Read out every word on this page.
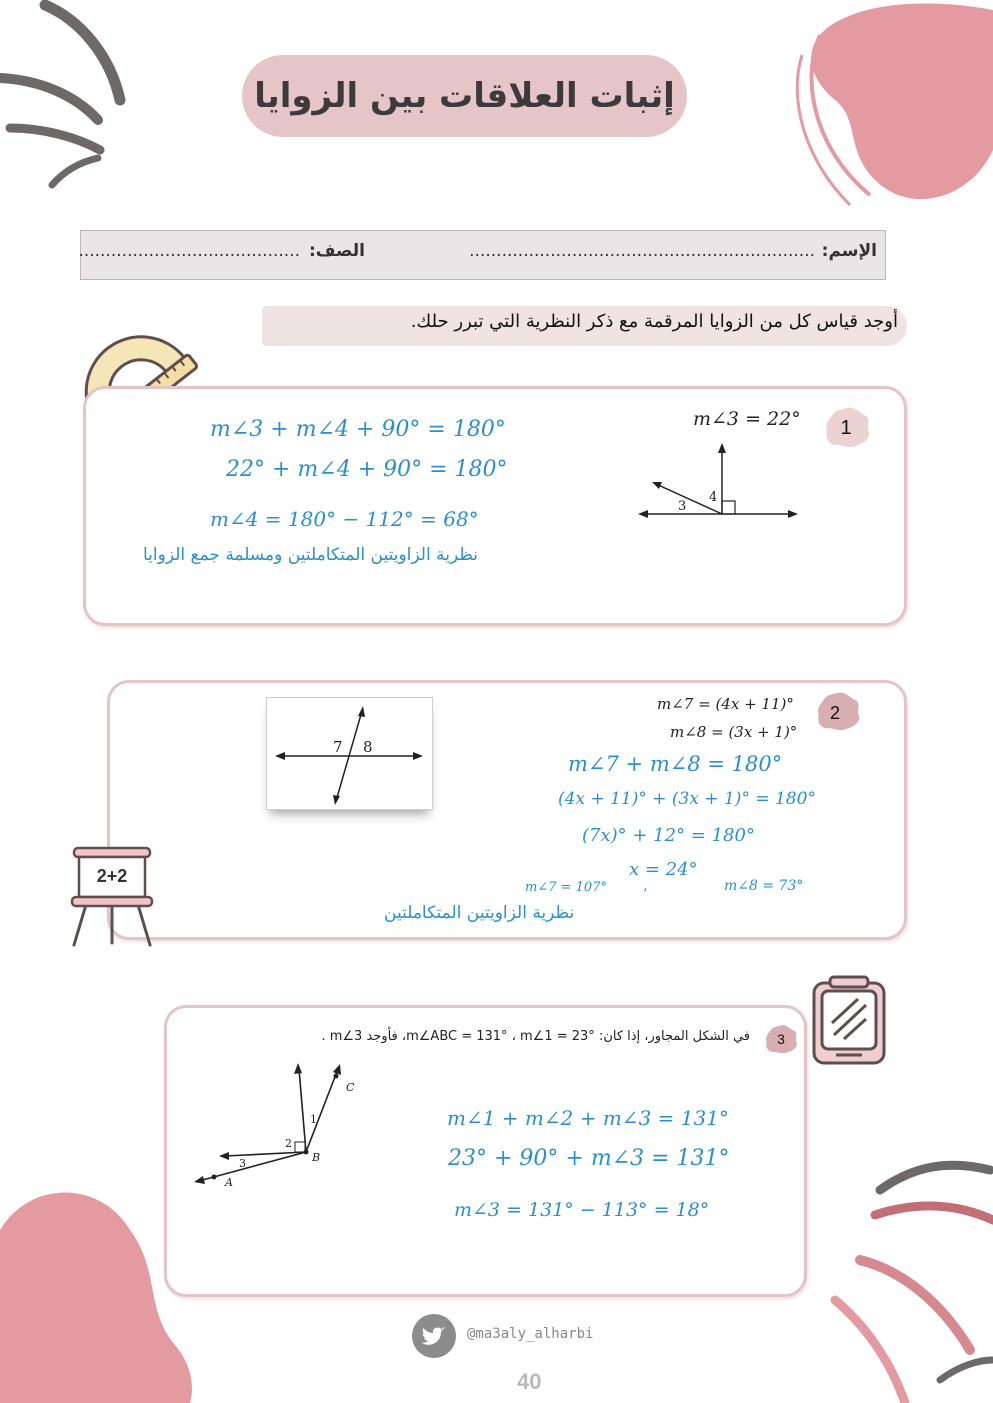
إثبات العلاقات بين الزوايا
الإسم:
................................................................
الصف:
.........................................
أوجد قياس كل من الزوايا المرقمة مع ذكر النظرية التي تبرر حلك.
1
m∠3 = 22°
3
4
m∠3 + m∠4 + 90° = 180°
22° + m∠4 + 90° = 180°
m∠4 = 180° − 112° = 68°
نظرية الزاويتين المتكاملتين ومسلمة جمع الزوايا
2
m∠7 = (4x + 11)°
m∠8 = (3x + 1)°
7 8
m∠7 + m∠8 = 180°
(4x + 11)° + (3x + 1)° = 180°
(7x)° + 12° = 180°
x = 24°
m∠7 = 107°	،	m∠8 = 73°
نظرية الزاويتين المتكاملتين
2+2
3
في الشكل المجاور، إذا كان: m∠ABC = 131° ، m∠1 = 23°، فأوجد m∠3 .
1
2
3
A
B
C
m∠1 + m∠2 + m∠3 = 131°
23° + 90° + m∠3 = 131°
m∠3 = 131° − 113° = 18°
@ma3aly_alharbi
40
